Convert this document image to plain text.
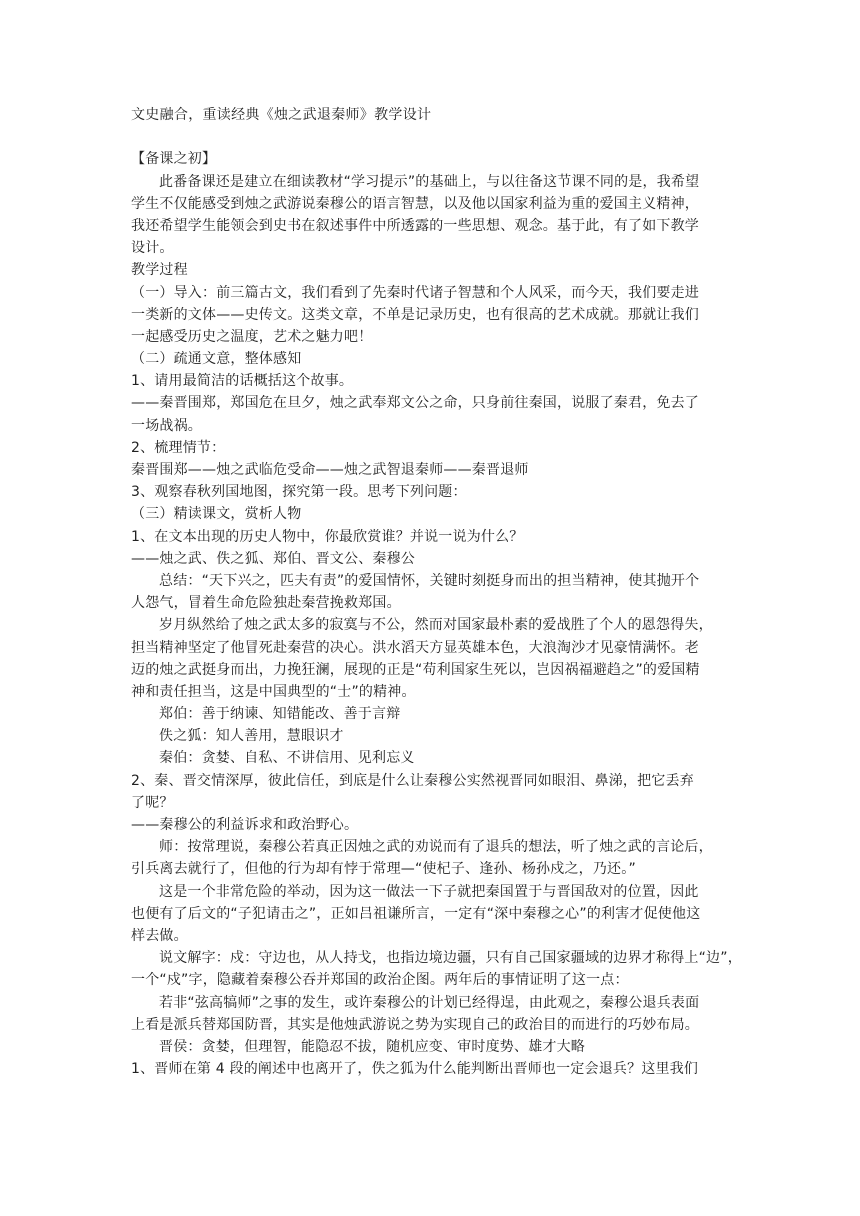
文史融合，重读经典《烛之武退秦师》教学设计
【备课之初】
此番备课还是建立在细读教材“学习提示”的基础上，与以往备这节课不同的是，我希望
学生不仅能感受到烛之武游说秦穆公的语言智慧，以及他以国家利益为重的爱国主义精神，
我还希望学生能领会到史书在叙述事件中所透露的一些思想、观念。基于此，有了如下教学
设计。
教学过程
（一）导入：前三篇古文，我们看到了先秦时代诸子智慧和个人风采，而今天，我们要走进
一类新的文体——史传文。这类文章，不单是记录历史，也有很高的艺术成就。那就让我们
一起感受历史之温度，艺术之魅力吧！
（二）疏通文意，整体感知
1、请用最简洁的话概括这个故事。
——秦晋围郑，郑国危在旦夕，烛之武奉郑文公之命，只身前往秦国，说服了秦君，免去了
一场战祸。
2、梳理情节：
秦晋围郑——烛之武临危受命——烛之武智退秦师——秦晋退师
3、观察春秋列国地图，探究第一段。思考下列问题：
（三）精读课文，赏析人物
1、在文本出现的历史人物中，你最欣赏谁？并说一说为什么？
——烛之武、佚之狐、郑伯、晋文公、秦穆公
总结：“天下兴之，匹夫有责”的爱国情怀，关键时刻挺身而出的担当精神，使其抛开个
人怨气，冒着生命危险独赴秦营挽救郑国。
岁月纵然给了烛之武太多的寂寞与不公，然而对国家最朴素的爱战胜了个人的恩怨得失，
担当精神坚定了他冒死赴秦营的决心。洪水滔天方显英雄本色，大浪淘沙才见豪情满怀。老
迈的烛之武挺身而出，力挽狂澜，展现的正是“苟利国家生死以，岂因祸福避趋之”的爱国精
神和责任担当，这是中国典型的“士”的精神。
郑伯：善于纳谏、知错能改、善于言辩
佚之狐：知人善用，慧眼识才
秦伯：贪婪、自私、不讲信用、见利忘义
2、秦、晋交情深厚，彼此信任，到底是什么让秦穆公实然视晋同如眼泪、鼻涕，把它丢弃
了呢？
——秦穆公的利益诉求和政治野心。
师：按常理说，秦穆公若真正因烛之武的劝说而有了退兵的想法，听了烛之武的言论后，
引兵离去就行了，但他的行为却有悖于常理—“使杞子、逢孙、杨孙戍之，乃还。”
这是一个非常危险的举动，因为这一做法一下子就把秦国置于与晋国敌对的位置，因此
也便有了后文的“子犯请击之”，正如吕祖谦所言，一定有“深中秦穆之心”的利害才促使他这
样去做。
说文解字：戍：守边也，从人持戈，也指边境边疆，只有自己国家疆域的边界才称得上“边”，
一个“戍”字，隐藏着秦穆公吞并郑国的政治企图。两年后的事情证明了这一点：
若非“弦高犒师”之事的发生，或许秦穆公的计划已经得逞，由此观之，秦穆公退兵表面
上看是派兵替郑国防晋，其实是他烛武游说之势为实现自己的政治目的而进行的巧妙布局。
晋侯：贪婪，但理智，能隐忍不拔，随机应变、审时度势、雄才大略
1、晋师在第 4 段的阐述中也离开了，佚之狐为什么能判断出晋师也一定会退兵？这里我们
